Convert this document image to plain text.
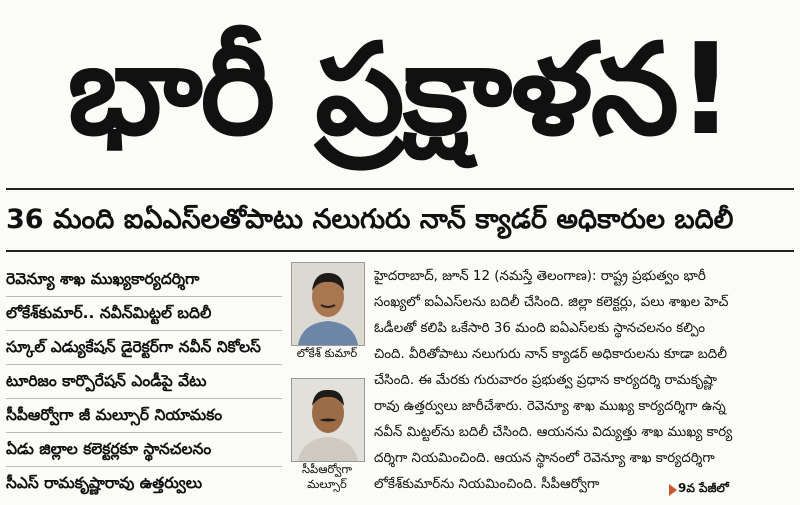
భారీ ప్రక్షాళన!
36 మంది ఐఏఎస్‌లతోపాటు నలుగురు నాన్ క్యాడర్ అధికారుల బదిలీ
రెవెన్యూ శాఖ ముఖ్యకార్యదర్శిగా
లోకేశ్‌కుమార్.. నవీన్‌మిట్టల్ బదిలీ
స్కూల్ ఎడ్యుకేషన్ డైరెక్టర్‌గా నవీన్ నికోలస్
టూరిజం కార్పొరేషన్ ఎండీపై వేటు
సీపీఆర్వోగా జీ మల్సూర్ నియామకం
ఏడు జిల్లాల కలెక్టర్లకూ స్థానచలనం
సీఎస్ రామకృష్ణారావు ఉత్తర్వులు
లోకేశ్ కుమార్
సీపీఆర్వోగా
మల్సూర్
హైదరాబాద్, జూన్ 12 (నమస్తే తెలంగాణ): రాష్ట్ర ప్రభుత్వం భారీ
సంఖ్యలో ఐఏఎస్‌లను బదిలీ చేసింది. జిల్లా కలెక్టర్లు, పలు శాఖల హెచ్
ఓడీలతో కలిపి ఒకేసారి 36 మంది ఐఏఎస్‌లకు స్థానచలనం కల్పిం
చింది. వీరితోపాటు నలుగురు నాన్ క్యాడర్ అధికారులను కూడా బదిలీ
చేసింది. ఈ మేరకు గురువారం ప్రభుత్వ ప్రధాన కార్యదర్శి రామకృష్ణా
రావు ఉత్తర్వులు జారీచేశారు. రెవెన్యూ శాఖ ముఖ్య కార్యదర్శిగా ఉన్న
నవీన్ మిట్టల్‌ను బదిలీ చేసింది. ఆయనను విద్యుత్తు శాఖ ముఖ్య కార్య
దర్శిగా నియమించింది. ఆయన స్థానంలో రెవెన్యూ శాఖ కార్యదర్శిగా
లోకేశ్‌కుమార్‌ను నియమించింది. సీపీఆర్వోగా	9వ పేజీలో
